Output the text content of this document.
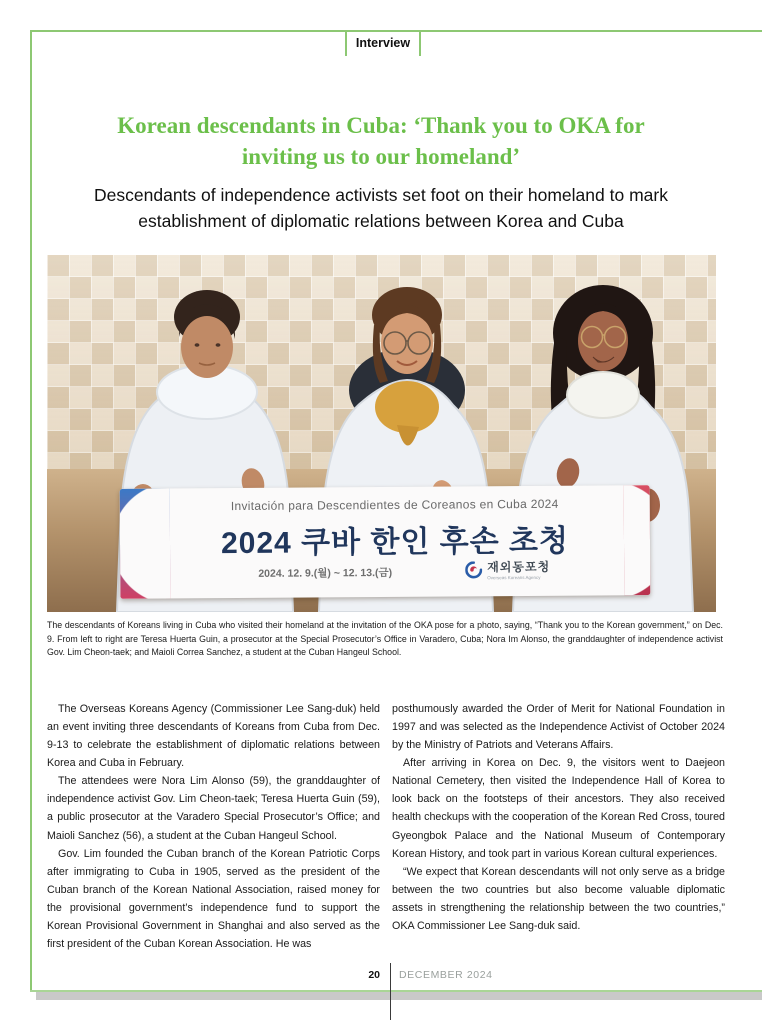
Interview
Korean descendants in Cuba: ‘Thank you to OKA for
inviting us to our homeland’
Descendants of independence activists set foot on their homeland to mark
establishment of diplomatic relations between Korea and Cuba
Invitación para Descendientes de Coreanos en Cuba 2024
2024 쿠바 한인 후손 초청
2024. 12. 9.(월) ~ 12. 13.(금)	재외동포청
Overseas Koreans Agency
The descendants of Koreans living in Cuba who visited their homeland at the invitation of the OKA pose for a photo, saying, “Thank you to the Korean government,” on Dec. 9. From left to right are Teresa Huerta Guin, a prosecutor at the Special Prosecutor’s Office in Varadero, Cuba; Nora Im Alonso, the granddaughter of independence activist Gov. Lim Cheon-taek; and Maioli Correa Sanchez, a student at the Cuban Hangeul School.

The Overseas Koreans Agency (Commissioner Lee Sang-duk) held an event inviting three descendants of Koreans from Cuba from Dec. 9-13 to celebrate the establishment of diplomatic relations between Korea and Cuba in February.

The attendees were Nora Lim Alonso (59), the granddaughter of independence activist Gov. Lim Cheon-taek; Teresa Huerta Guin (59), a public prosecutor at the Varadero Special Prosecutor’s Office; and Maioli Sanchez (56), a student at the Cuban Hangeul School.

Gov. Lim founded the Cuban branch of the Korean Patriotic Corps after immigrating to Cuba in 1905, served as the president of the Cuban branch of the Korean National Association, raised money for the provisional government’s independence fund to support the Korean Provisional Government in Shanghai and also served as the first president of the Cuban Korean Association. He was

posthumously awarded the Order of Merit for National Foundation in 1997 and was selected as the Independence Activist of October 2024 by the Ministry of Patriots and Veterans Affairs.

After arriving in Korea on Dec. 9, the visitors went to Daejeon National Cemetery, then visited the Independence Hall of Korea to look back on the footsteps of their ancestors. They also received health checkups with the cooperation of the Korean Red Cross, toured Gyeongbok Palace and the National Museum of Contemporary Korean History, and took part in various Korean cultural experiences.

“We expect that Korean descendants will not only serve as a bridge between the two countries but also become valuable diplomatic assets in strengthening the relationship between the two countries,” OKA Commissioner Lee Sang-duk said.

20 DECEMBER 2024
